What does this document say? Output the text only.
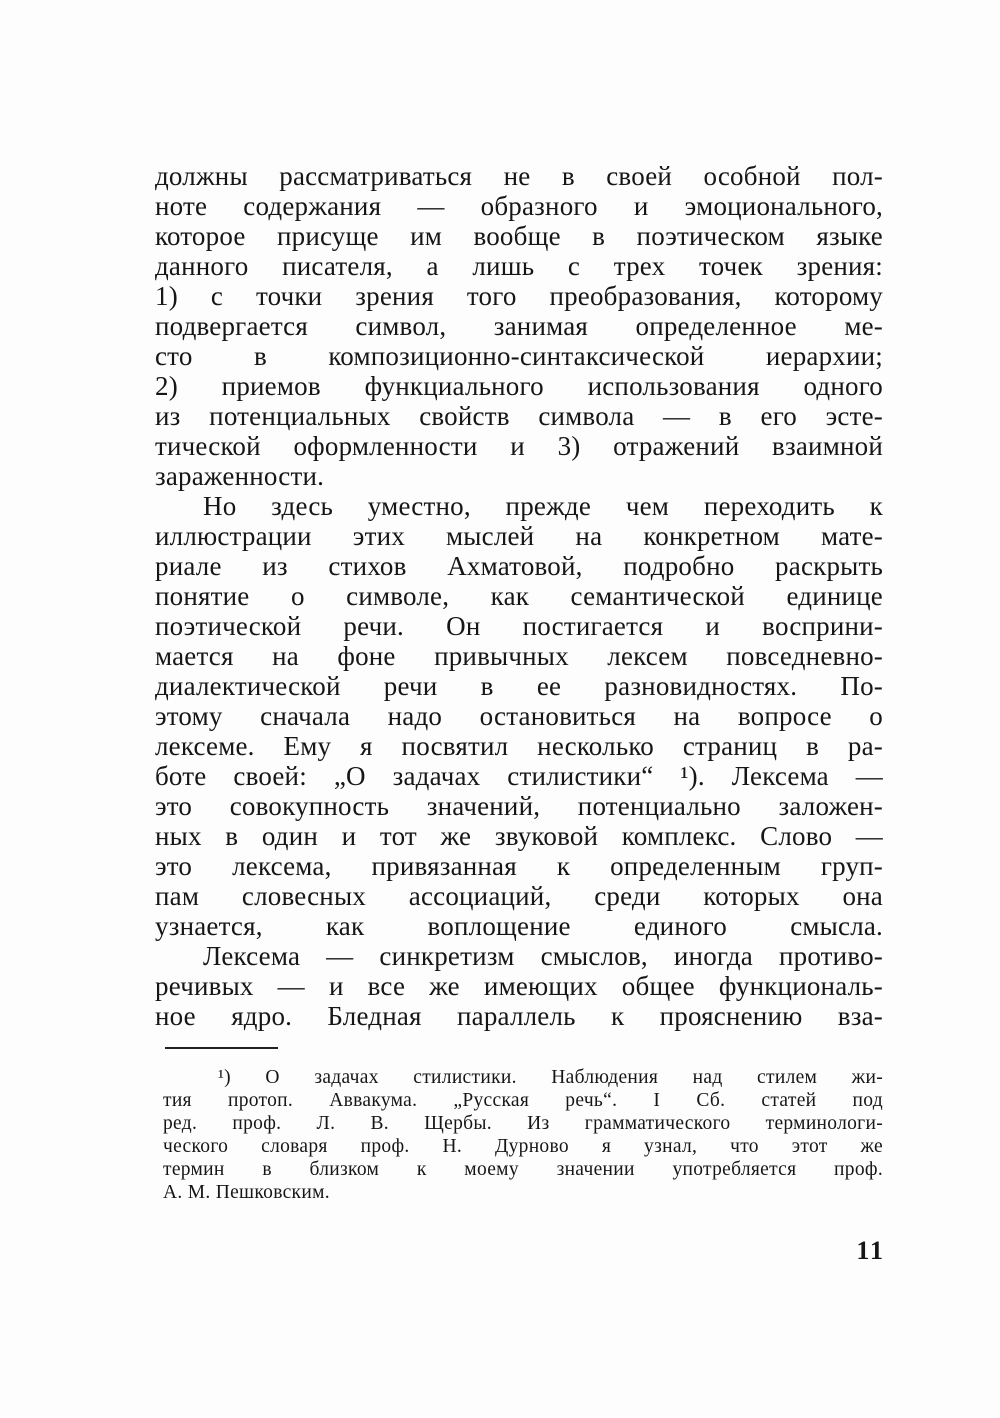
должны рассматриваться не в своей особной пол-
ноте содержания — образного и эмоционального,
которое присуще им вообще в поэтическом языке
данного писателя, а лишь с трех точек зрения:
1) с точки зрения того преобразования, которому
подвергается символ, занимая определенное ме-
сто в композиционно-синтаксической иерархии;
2) приемов функциального использования одного
из потенциальных свойств символа — в его эсте-
тической оформленности и 3) отражений взаимной
зараженности.
Но здесь уместно, прежде чем переходить к
иллюстрации этих мыслей на конкретном мате-
риале из стихов Ахматовой, подробно раскрыть
понятие о символе, как семантической единице
поэтической речи. Он постигается и восприни-
мается на фоне привычных лексем повседневно-
диалектической речи в ее разновидностях. По-
этому сначала надо остановиться на вопросе о
лексеме. Ему я посвятил несколько страниц в ра-
боте своей: „О задачах стилистики“ ¹). Лексема —
это совокупность значений, потенциально заложен-
ных в один и тот же звуковой комплекс. Слово —
это лексема, привязанная к определенным груп-
пам словесных ассоциаций, среди которых она
узнается, как воплощение единого смысла.
Лексема — синкретизм смыслов, иногда противо-
речивых — и все же имеющих общее функциональ-
ное ядро. Бледная параллель к прояснению вза-
¹) О задачах стилистики. Наблюдения над стилем жи-
тия протоп. Аввакума. „Русская речь“. I Сб. статей под
ред. проф. Л. В. Щербы. Из грамматического терминологи-
ческого словаря проф. Н. Дурново я узнал, что этот же
термин в близком к моему значении употребляется проф.
А. М. Пешковским.
11
